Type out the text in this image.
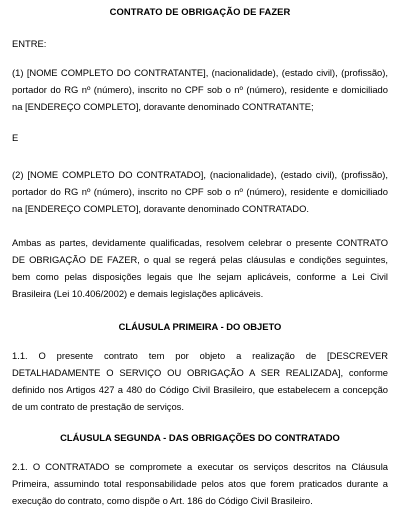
CONTRATO DE OBRIGAÇÃO DE FAZER
ENTRE:
(1) [NOME COMPLETO DO CONTRATANTE], (nacionalidade), (estado civil), (profissão), portador do RG nº (número), inscrito no CPF sob o nº (número), residente e domiciliado na [ENDEREÇO COMPLETO], doravante denominado CONTRATANTE;
E
(2) [NOME COMPLETO DO CONTRATADO], (nacionalidade), (estado civil), (profissão), portador do RG nº (número), inscrito no CPF sob o nº (número), residente e domiciliado na [ENDEREÇO COMPLETO], doravante denominado CONTRATADO.
Ambas as partes, devidamente qualificadas, resolvem celebrar o presente CONTRATO DE OBRIGAÇÃO DE FAZER, o qual se regerá pelas cláusulas e condições seguintes, bem como pelas disposições legais que lhe sejam aplicáveis, conforme a Lei Civil Brasileira (Lei 10.406/2002) e demais legislações aplicáveis.
CLÁUSULA PRIMEIRA - DO OBJETO
1.1. O presente contrato tem por objeto a realização de [DESCREVER DETALHADAMENTE O SERVIÇO OU OBRIGAÇÃO A SER REALIZADA], conforme definido nos Artigos 427 a 480 do Código Civil Brasileiro, que estabelecem a concepção de um contrato de prestação de serviços.
CLÁUSULA SEGUNDA - DAS OBRIGAÇÕES DO CONTRATADO
2.1. O CONTRATADO se compromete a executar os serviços descritos na Cláusula Primeira, assumindo total responsabilidade pelos atos que forem praticados durante a execução do contrato, como dispõe o Art. 186 do Código Civil Brasileiro.
